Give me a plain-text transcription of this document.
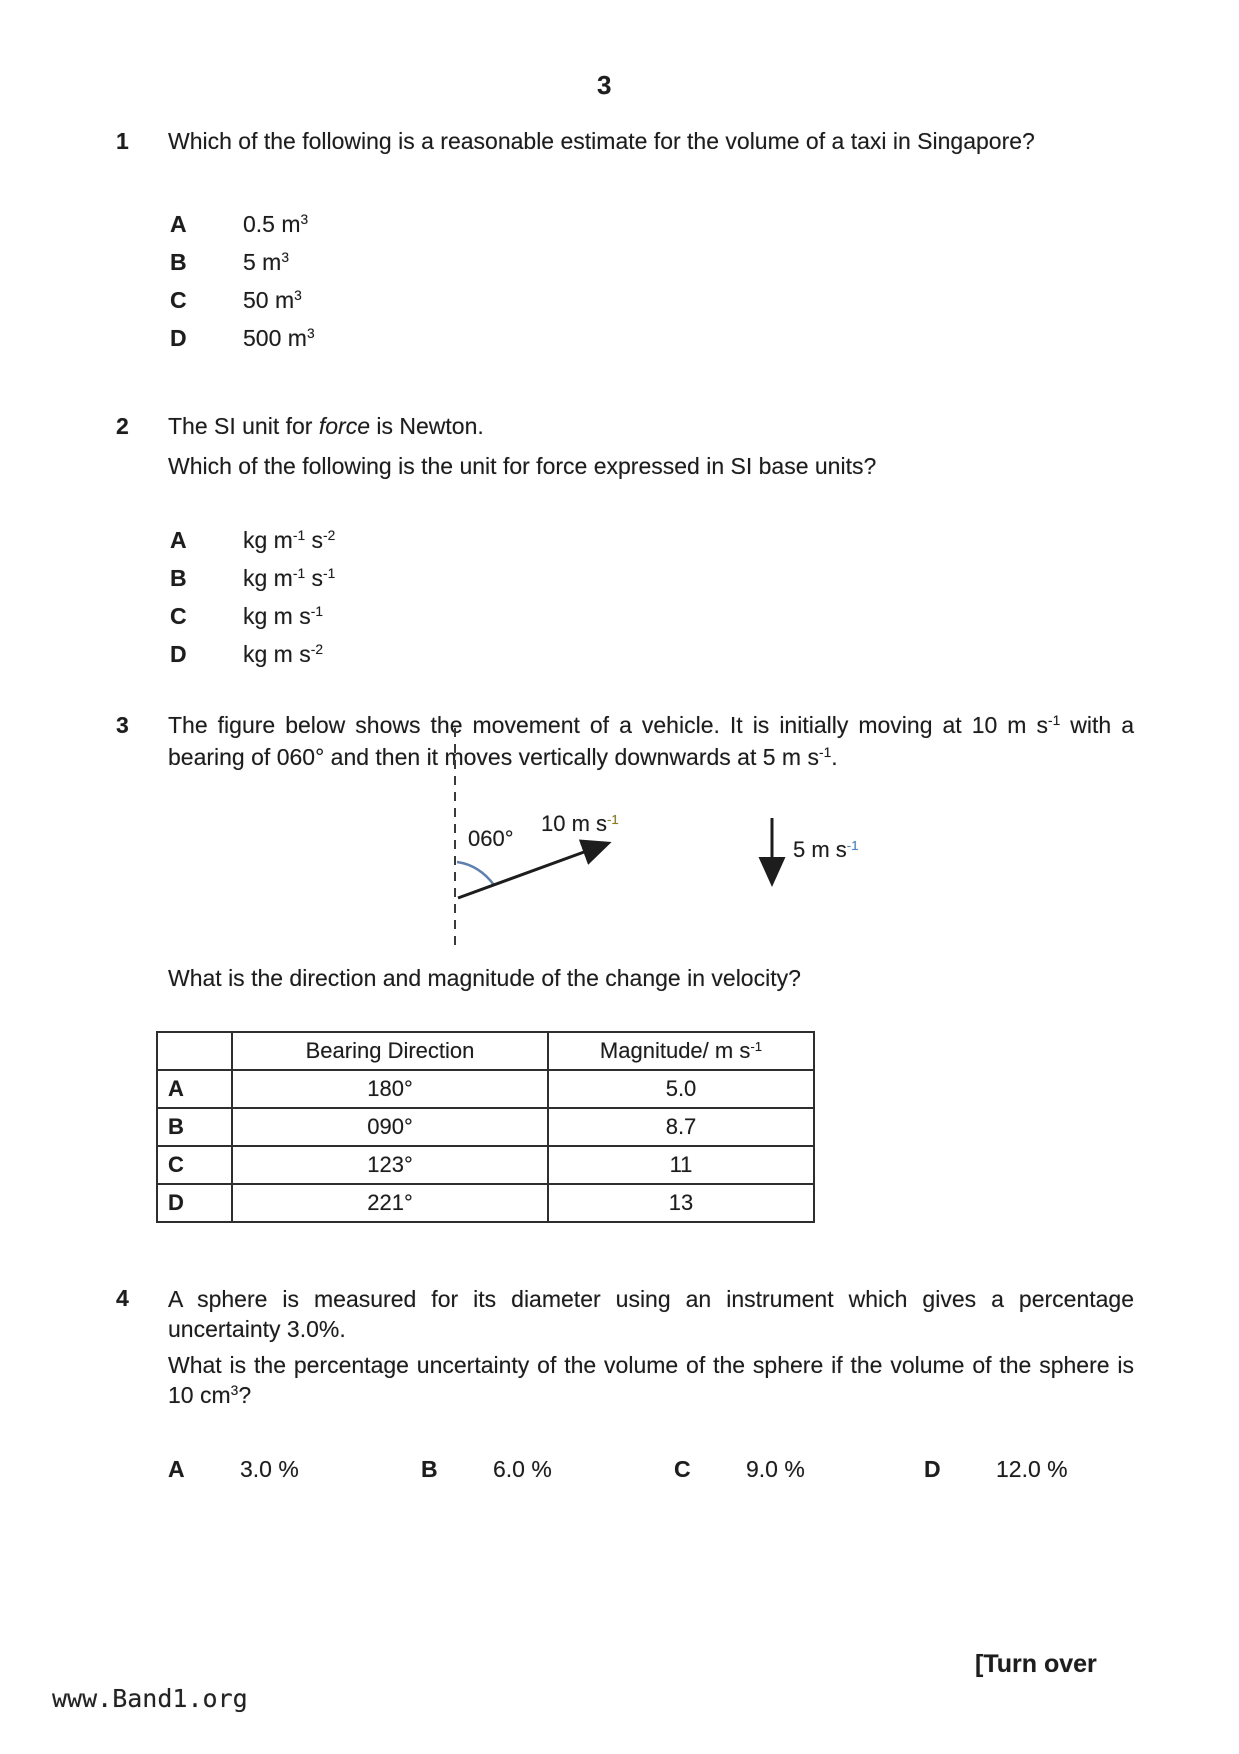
3
1	Which of the following is a reasonable estimate for the volume of a taxi in Singapore?
A 0.5 $m^3$
B 5 $m^3$
C 50 $m^3$
D 500 $m^3$
2	The SI unit for force is Newton.
Which of the following is the unit for force expressed in SI base units?
A kg $m^{-1}$ $s^{-2}$
B kg $m^{-1}$ $s^{-1}$
C kg m $s^{-1}$
D kg m $s^{-2}$
3	The figure below shows the movement of a vehicle. It is initially moving at 10 m $s^{-1}$ with a bearing of 060° and then it moves vertically downwards at 5 m $s^{-1}$.
060°
10 m $s^{-1}$
5 m $s^{-1}$
What is the direction and magnitude of the change in velocity?
	Bearing Direction	Magnitude/ m $s^{-1}$
A	180°	5.0
B	090°	8.7
C	123°	11
D	221°	13
4	A sphere is measured for its diameter using an instrument which gives a percentage uncertainty 3.0%.
What is the percentage uncertainty of the volume of the sphere if the volume of the sphere is 10 $cm^3$?
A 3.0 %	B 6.0 %	C 9.0 %	D 12.0 %
[Turn over
www.Band1.org
